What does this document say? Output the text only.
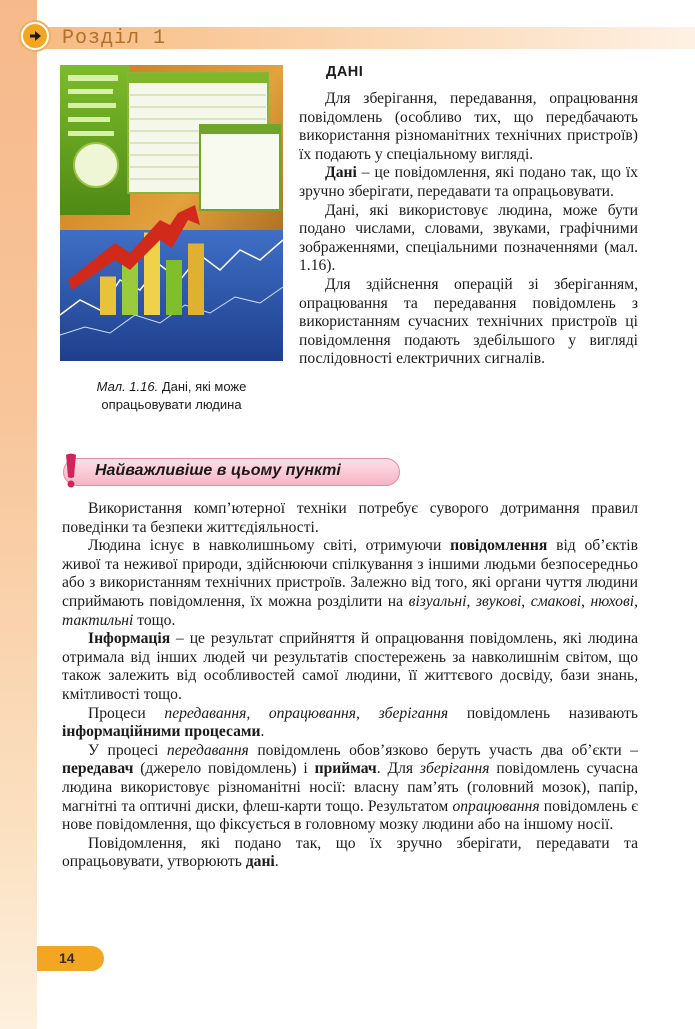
Розділ 1
Мал. 1.16. Дані, які може опрацьовувати людина
ДАНІ

Для зберігання, передавання, опрацювання повідомлень (особливо тих, що передбачають використання різноманітних технічних пристроїв) їх подають у спеціальному вигляді.

Дані – це повідомлення, які подано так, що їх зручно зберігати, передавати та опрацьовувати.

Дані, які використовує людина, може бути подано числами, словами, звуками, графічними зображеннями, спеціальними позначеннями (мал. 1.16).

Для здійснення операцій зі зберіганням, опрацювання та передавання повідомлень з використанням сучасних технічних пристроїв ці повідомлення подають здебільшого у вигляді послідовності електричних сигналів.

Найважливіше в цьому пункті

Використання комп’ютерної техніки потребує суворого дотримання правил поведінки та безпеки життєдіяльності.

Людина існує в навколишньому світі, отримуючи повідомлення від об’єктів живої та неживої природи, здійснюючи спілкування з іншими людьми безпосередньо або з використанням технічних пристроїв. Залежно від того, які органи чуття людини сприймають повідомлення, їх можна розділити на візуальні, звукові, смакові, нюхові, тактильні тощо.

Інформація – це результат сприйняття й опрацювання повідомлень, які людина отримала від інших людей чи результатів спостережень за навколишнім світом, що також залежить від особливостей самої людини, її життєвого досвіду, бази знань, кмітливості тощо.

Процеси передавання, опрацювання, зберігання повідомлень називають інформаційними процесами.

У процесі передавання повідомлень обов’язково беруть участь два об’єкти – передавач (джерело повідомлень) і приймач. Для зберігання повідомлень сучасна людина використовує різноманітні носії: власну пам’ять (головний мозок), папір, магнітні та оптичні диски, флеш-карти тощо. Результатом опрацювання повідомлень є нове повідомлення, що фіксується в головному мозку людини або на іншому носії.

Повідомлення, які подано так, що їх зручно зберігати, передавати та опрацьовувати, утворюють дані.

14
